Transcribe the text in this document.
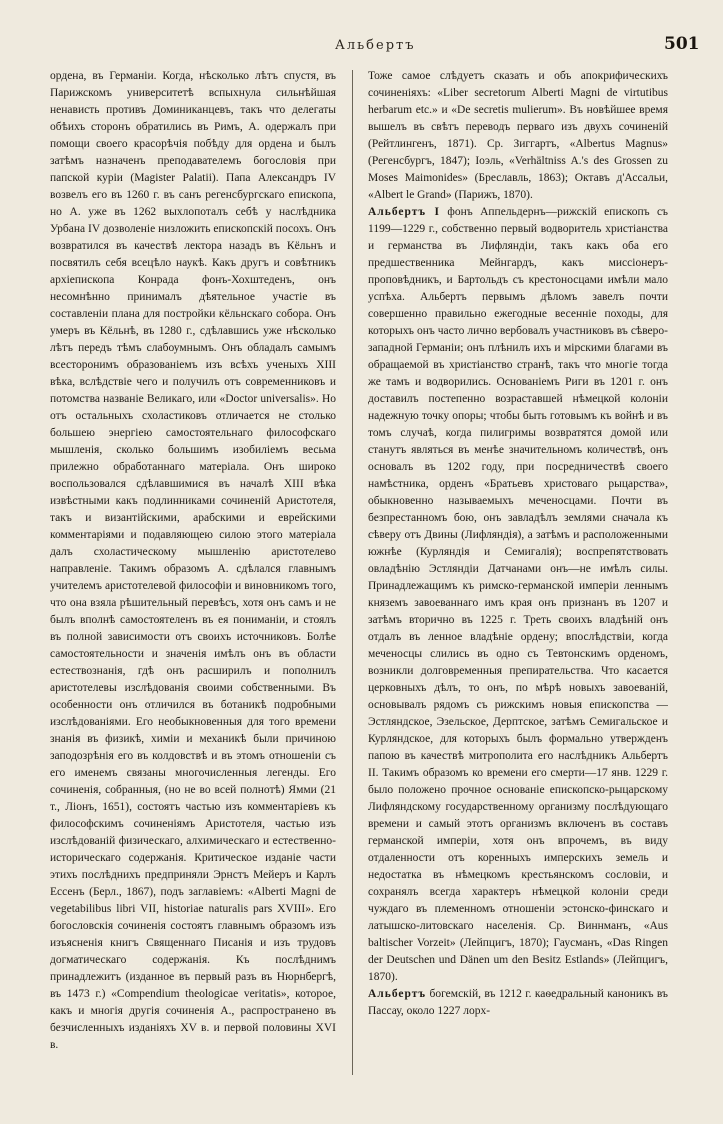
Альбертъ	501

ордена, въ Германіи. Когда, нѣсколько лѣтъ спустя, въ Парижскомъ университетѣ вспыхнула сильнѣйшая ненависть противъ Доминиканцевъ, такъ что делегаты обѣихъ сторонъ обратились въ Римъ, А. одержалъ при помощи своего красорѣчія побѣду для ордена и былъ затѣмъ назначенъ преподавателемъ богословія при папской куріи (Magister Palatii). Папа Александръ IV возвелъ его въ 1260 г. въ санъ регенсбургскаго епископа, но А. уже въ 1262 выхлопоталъ себѣ у наслѣдника Урбана IV дозволеніе низложить епископскій посохъ. Онъ возвратился въ качествѣ лектора назадъ въ Кёльнъ и посвятилъ себя всецѣло наукѣ. Какъ другъ и совѣтникъ архіепископа Конрада фонъ-Хохштеденъ, онъ несомнѣнно принималъ дѣятельное участіе въ составленіи плана для постройки кёльнскаго собора. Онъ умеръ въ Кёльнѣ, въ 1280 г., сдѣлавшись уже нѣсколько лѣтъ передъ тѣмъ слабоумнымъ. Онъ обладалъ самымъ всесторонимъ образованіемъ изъ всѣхъ ученыхъ XIII вѣка, вслѣдствіе чего и получилъ отъ современниковъ и потомства названіе Великаго, или «Doctor universalis». Но отъ остальныхъ схоластиковъ отличается не столько большею энергіею самостоятельнаго философскаго мышленія, сколько большимъ изобиліемъ весьма прилежно обработаннаго матеріала. Онъ широко воспользовался сдѣлавшимися въ началѣ XIII вѣка извѣстными какъ подлинниками сочиненій Аристотеля, такъ и византійскими, арабскими и еврейскими комментаріями и подавляющею силою этого матеріала далъ схоластическому мышленію аристотелево направленіе. Такимъ образомъ А. сдѣлался главнымъ учителемъ аристотелевой философіи и виновникомъ того, что она взяла рѣшительный перевѣсъ, хотя онъ самъ и не былъ вполнѣ самостоятеленъ въ ея пониманіи, и стоялъ въ полной зависимости отъ своихъ источниковъ. Болѣе самостоятельности и значенія имѣлъ онъ въ области естествознанія, гдѣ онъ расширилъ и пополнилъ аристотелевы изслѣдованія своими собственными. Въ особенности онъ отличился въ ботаникѣ подробными изслѣдованіями. Его необыкновенныя для того времени знанія въ физикѣ, химіи и механикѣ были причиною заподозрѣнія его въ колдовствѣ и въ этомъ отношеніи съ его именемъ связаны многочисленныя легенды. Его сочиненія, собранныя, (но не во всей полнотѣ) Ямми (21 т., Ліонъ, 1651), состоятъ частью изъ комментаріевъ къ философскимъ сочиненіямъ Аристотеля, частью изъ изслѣдованій физическаго, алхимическаго и естественно-историческаго содержанія. Критическое изданіе части этихъ послѣднихъ предприняли Эрнстъ Мейеръ и Карлъ Ессенъ (Берл., 1867), подъ заглавіемъ: «Alberti Magni de vegetabilibus libri VII, historiae naturalis pars XVIII». Его богословскія сочиненія состоятъ главнымъ образомъ изъ изъясненія книгъ Священнаго Писанія и изъ трудовъ догматическаго содержанія. Къ послѣднимъ принадлежитъ (изданное въ первый разъ въ Нюрнбергѣ, въ 1473 г.) «Compendium theologicae veritatis», которое, какъ и многія другія сочиненія А., распространено въ безчисленныхъ изданіяхъ XV в. и первой половины XVI в.

Тоже самое слѣдуетъ сказать и объ апокрифическихъ сочиненіяхъ: «Liber secretorum Alberti Magni de virtutibus herbarum etc.» и «De secretis mulierum». Въ новѣйшее время вышелъ въ свѣтъ переводъ перваго изъ двухъ сочиненій (Рейтлингенъ, 1871). Ср. Зиггартъ, «Albertus Magnus» (Регенсбургъ, 1847); Іоэль, «Verhältniss A.'s des Grossen zu Moses Maimonides» (Бреславль, 1863); Октавъ д'Ассальи, «Albert le Grand» (Парижъ, 1870).

Альбертъ I фонъ Аппельдернъ—рижскій епископъ съ 1199—1229 г., собственно первый водворитель христіанства и германства въ Лифляндіи, такъ какъ оба его предшественника Мейнгардъ, какъ миссіонеръ-проповѣдникъ, и Бартольдъ съ крестоносцами имѣли мало успѣха. Альбертъ первымъ дѣломъ завелъ почти совершенно правильно ежегодные весенніе походы, для которыхъ онъ часто лично вербовалъ участниковъ въ сѣверо-западной Германіи; онъ плѣнилъ ихъ и мірскими благами въ обращаемой въ христіанство странѣ, такъ что многіе тогда же тамъ и водворились. Основаніемъ Риги въ 1201 г. онъ доставилъ постепенно возраставшей нѣмецкой колоніи надежную точку опоры; чтобы быть готовымъ къ войнѣ и въ томъ случаѣ, когда пилигримы возвратятся домой или станутъ являться въ менѣе значительномъ количествѣ, онъ основалъ въ 1202 году, при посредничествѣ своего намѣстника, орденъ «Братьевъ христоваго рыцарства», обыкновенно называемыхъ меченосцами. Почти въ безпрестанномъ бою, онъ завладѣлъ землями сначала къ сѣверу отъ Двины (Лифляндія), а затѣмъ и расположенными южнѣе (Курляндія и Семигалія); воспрепятствовать овладѣнію Эстляндіи Датчанами онъ—не имѣлъ силы. Принадлежащимъ къ римско-германской имперіи леннымъ княземъ завоеваннаго имъ края онъ признанъ въ 1207 и затѣмъ вторично въ 1225 г. Треть своихъ владѣній онъ отдалъ въ ленное владѣніе ордену; впослѣдствіи, когда меченосцы слились въ одно съ Тевтонскимъ орденомъ, возникли долговременныя препирательства. Что касается церковныхъ дѣлъ, то онъ, по мѣрѣ новыхъ завоеваній, основывалъ рядомъ съ рижскимъ новыя епископства — Эстляндское, Эзельское, Дерптское, затѣмъ Семигальское и Курляндское, для которыхъ былъ формально утвержденъ папою въ качествѣ митрополита его наслѣдникъ Альбертъ II. Такимъ образомъ ко времени его смерти—17 янв. 1229 г. было положено прочное основаніе епископско-рыцарскому Лифляндскому государственному организму послѣдующаго времени и самый этотъ организмъ включенъ въ составъ германской имперіи, хотя онъ впрочемъ, въ виду отдаленности отъ коренныхъ имперскихъ земель и недостатка въ нѣмецкомъ крестьянскомъ сословіи, и сохранялъ всегда характеръ нѣмецкой колоніи среди чуждаго въ племенномъ отношеніи эстонско-финскаго и латышско-литовскаго населенія. Ср. Виннманъ, «Aus baltischer Vorzeit» (Лейпцигъ, 1870); Гаусманъ, «Das Ringen der Deutschen und Dänen um den Besitz Estlands» (Лейпцигъ, 1870).

Альбертъ богемскій, въ 1212 г. каѳедральный каноникъ въ Пассау, около 1227 лорх-
